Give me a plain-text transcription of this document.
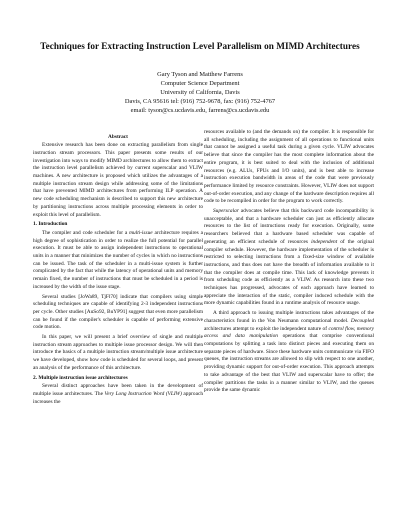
Techniques for Extracting Instruction Level Parallelism on MIMD Architectures
Gary Tyson and Matthew Farrens
Computer Science Department
University of California, Davis
Davis, CA 95616 tel: (916) 752-9678, fax: (916) 752-4767
email: tyson@cs.ucdavis.edu, farrens@cs.ucdavis.edu
Abstract

Extensive research has been done on extracting parallelism from single instruction stream processors. This paper presents some results of our investigation into ways to modify MIMD architectures to allow them to extract the instruction level parallelism achieved by current superscalar and VLIW machines. A new architecture is proposed which utilizes the advantages of a multiple instruction stream design while addressing some of the limitations that have prevented MIMD architectures from performing ILP operation. A new code scheduling mechanism is described to support this new architecture by partitioning instructions across multiple processing elements in order to exploit this level of parallelism.

1. Introduction

The compiler and code scheduler for a multi-issue architecture requires a high degree of sophistication in order to realize the full potential for parallel execution. It must be able to assign independent instructions to operational units in a manner that minimizes the number of cycles in which no instructions can be issued. The task of the scheduler in a multi-issue system is further complicated by the fact that while the latency of operational units and memory remain fixed, the number of instructions that must be scheduled in a period is increased by the width of the issue stage.

Several studies [JoWa89, TjFl70] indicate that compilers using simple scheduling techniques are capable of identifying 2-3 independent instructions per cycle. Other studies [AuSo92, BuYP91] suggest that even more parallelism can be found if the compiler's scheduler is capable of performing extensive code motion.

In this paper, we will present a brief overview of single and multiple instruction stream approaches to multiple issue processor design. We will then introduce the basics of a multiple instruction stream/multiple issue architecture we have developed, show how code is scheduled for several loops, and present an analysis of the performance of this architecture.

2. Multiple instruction issue architectures

Several distinct approaches have been taken in the development of multiple issue architectures. The Very Long Instruction Word (VLIW) approach increases the

resources available to (and the demands on) the compiler. It is responsible for all scheduling, including the assignment of all operations to functional units that cannot be assigned a useful task during a given cycle. VLIW advocates believe that since the compiler has the most complete information about the entire program, it is best suited to deal with the inclusion of additional resources (e.g. ALUs, FPUs and I/O units), and is best able to increase instruction execution bandwidth in areas of the code that were previously performance limited by resource constraints. However, VLIW does not support out-of-order execution, and any change of the hardware description requires all code to be recompiled in order for the program to work correctly.

Superscalar advocates believe that this backward code incompatibility is unacceptable, and that a hardware scheduler can just as efficiently allocate resources to the list of instructions ready for execution. Originally, some researchers believed that a hardware based scheduler was capable of generating an efficient schedule of resources independent of the original compiler schedule. However, the hardware implementation of the scheduler is restricted to selecting instructions from a fixed-size window of available instructions, and thus does not have the breadth of information available to it that the compiler does at compile time. This lack of knowledge prevents it from scheduling code as efficiently as a VLIW. As research into these two techniques has progressed, advocates of each approach have learned to appreciate the interaction of the static, compiler induced schedule with the more dynamic capabilities found in a runtime analysis of resource usage.

A third approach to issuing multiple instructions takes advantages of the characteristics found in the Von Neumann computational model. Decoupled architectures attempt to exploit the independent nature of control flow, memory access and data manipulation operations that comprise conventional computations by splitting a task into distinct pieces and executing them on separate pieces of hardware. Since these hardware units communicate via FIFO queues, the instruction streams are allowed to slip with respect to one another, providing dynamic support for out-of-order execution. This approach attempts to take advantage of the best that VLIW and superscalar have to offer; the compiler partitions the tasks in a manner similar to VLIW, and the queues provide the same dynamic
